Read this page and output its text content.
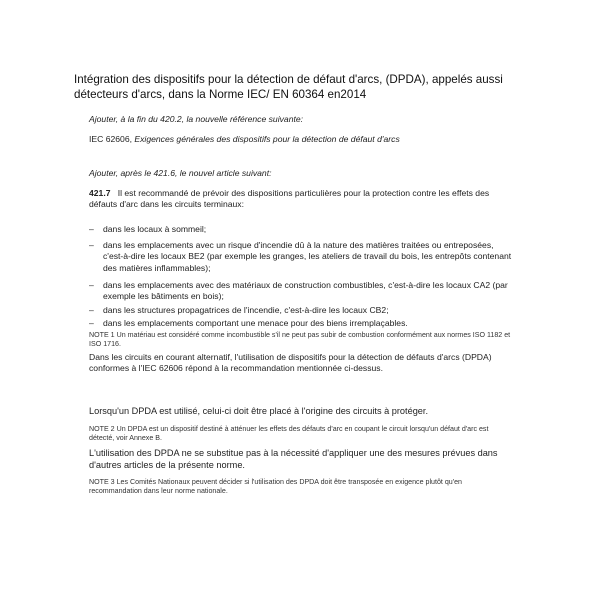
Intégration des dispositifs pour la détection de défaut d'arcs, (DPDA), appelés aussi détecteurs d'arcs, dans la Norme IEC/ EN 60364 en2014
Ajouter, à la fin du 420.2, la nouvelle référence suivante:
IEC 62606, Exigences générales des dispositifs pour la détection de défaut d'arcs
Ajouter, après le 421.6, le nouvel article suivant:
421.7 Il est recommandé de prévoir des dispositions particulières pour la protection contre les effets des défauts d'arc dans les circuits terminaux:
–	dans les locaux à sommeil;
–	dans les emplacements avec un risque d'incendie dû à la nature des matières traitées ou entreposées, c'est-à-dire les locaux BE2 (par exemple les granges, les ateliers de travail du bois, les entrepôts contenant des matières inflammables);
–	dans les emplacements avec des matériaux de construction combustibles, c'est-à-dire les locaux CA2 (par exemple les bâtiments en bois);
–	dans les structures propagatrices de l'incendie, c'est-à-dire les locaux CB2;
–	dans les emplacements comportant une menace pour des biens irremplaçables.
NOTE 1 Un matériau est considéré comme incombustible s'il ne peut pas subir de combustion conformément aux normes ISO 1182 et ISO 1716.
Dans les circuits en courant alternatif, l'utilisation de dispositifs pour la détection de défauts d'arcs (DPDA) conformes à l'IEC 62606 répond à la recommandation mentionnée ci-dessus.
Lorsqu'un DPDA est utilisé, celui-ci doit être placé à l'origine des circuits à protéger.
NOTE 2 Un DPDA est un dispositif destiné à atténuer les effets des défauts d'arc en coupant le circuit lorsqu'un défaut d'arc est détecté, voir Annexe B.
L'utilisation des DPDA ne se substitue pas à la nécessité d'appliquer une des mesures prévues dans d'autres articles de la présente norme.
NOTE 3 Les Comités Nationaux peuvent décider si l'utilisation des DPDA doit être transposée en exigence plutôt qu'en recommandation dans leur norme nationale.
